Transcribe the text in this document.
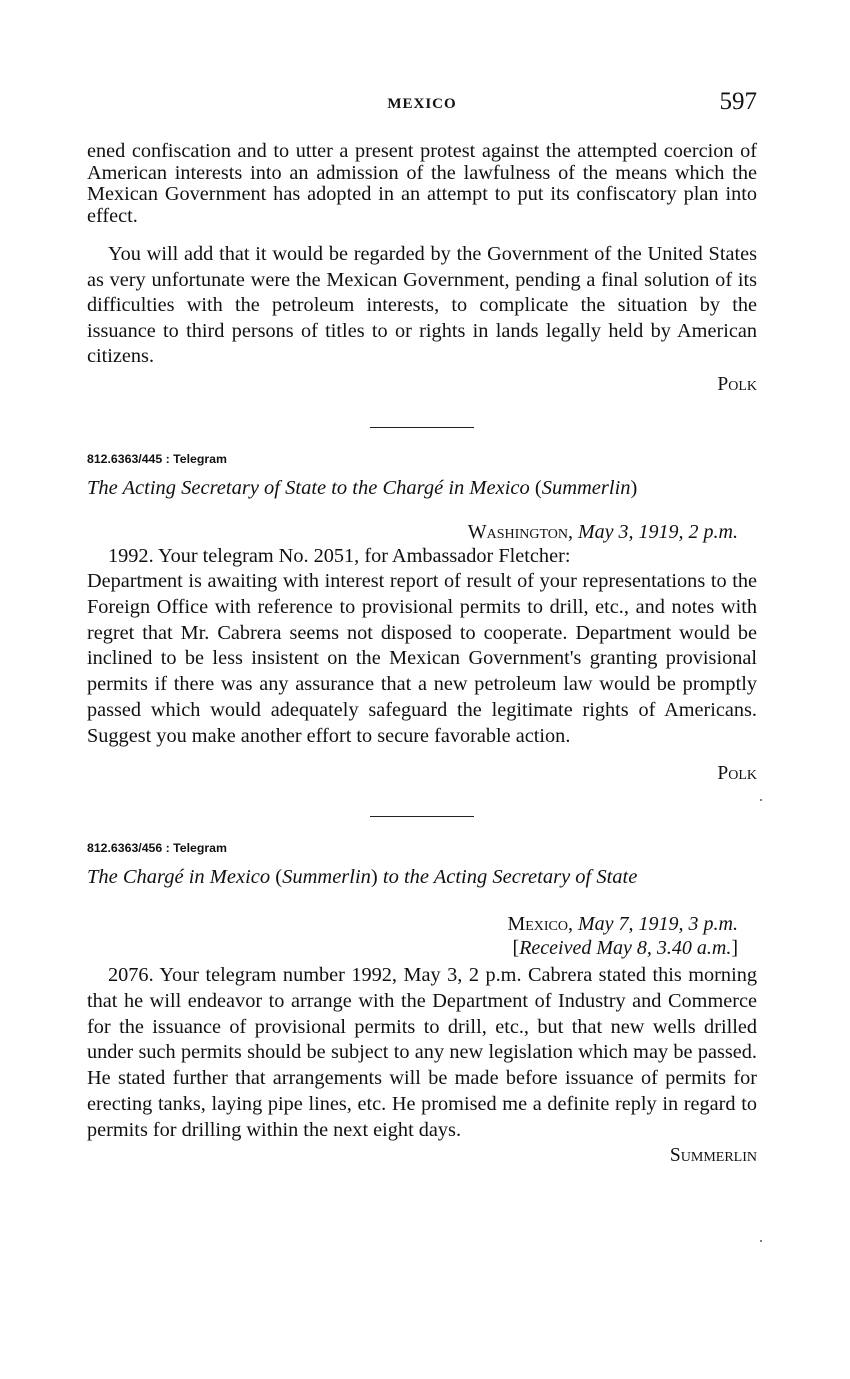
MEXICO	597

ened confiscation and to utter a present protest against the attempted coercion of American interests into an admission of the lawfulness of the means which the Mexican Government has adopted in an attempt to put its confiscatory plan into effect.

You will add that it would be regarded by the Government of the United States as very unfortunate were the Mexican Government, pending a final solution of its difficulties with the petroleum interests, to complicate the situation by the issuance to third persons of titles to or rights in lands legally held by American citizens.

Polk
812.6363/445 : Telegram
The Acting Secretary of State to the Chargé in Mexico (Summerlin)
Washington, May 3, 1919, 2 p.m.

1992. Your telegram No. 2051, for Ambassador Fletcher:

Department is awaiting with interest report of result of your representations to the Foreign Office with reference to provisional permits to drill, etc., and notes with regret that Mr. Cabrera seems not disposed to cooperate. Department would be inclined to be less insistent on the Mexican Government's granting provisional permits if there was any assurance that a new petroleum law would be promptly passed which would adequately safeguard the legitimate rights of Americans. Suggest you make another effort to secure favorable action.

Polk
812.6363/456 : Telegram
The Chargé in Mexico (Summerlin) to the Acting Secretary of State
Mexico, May 7, 1919, 3 p.m.
[Received May 8, 3.40 a.m.]

2076. Your telegram number 1992, May 3, 2 p.m. Cabrera stated this morning that he will endeavor to arrange with the Department of Industry and Commerce for the issuance of provisional permits to drill, etc., but that new wells drilled under such permits should be subject to any new legislation which may be passed. He stated further that arrangements will be made before issuance of permits for erecting tanks, laying pipe lines, etc. He promised me a definite reply in regard to permits for drilling within the next eight days.

Summerlin
